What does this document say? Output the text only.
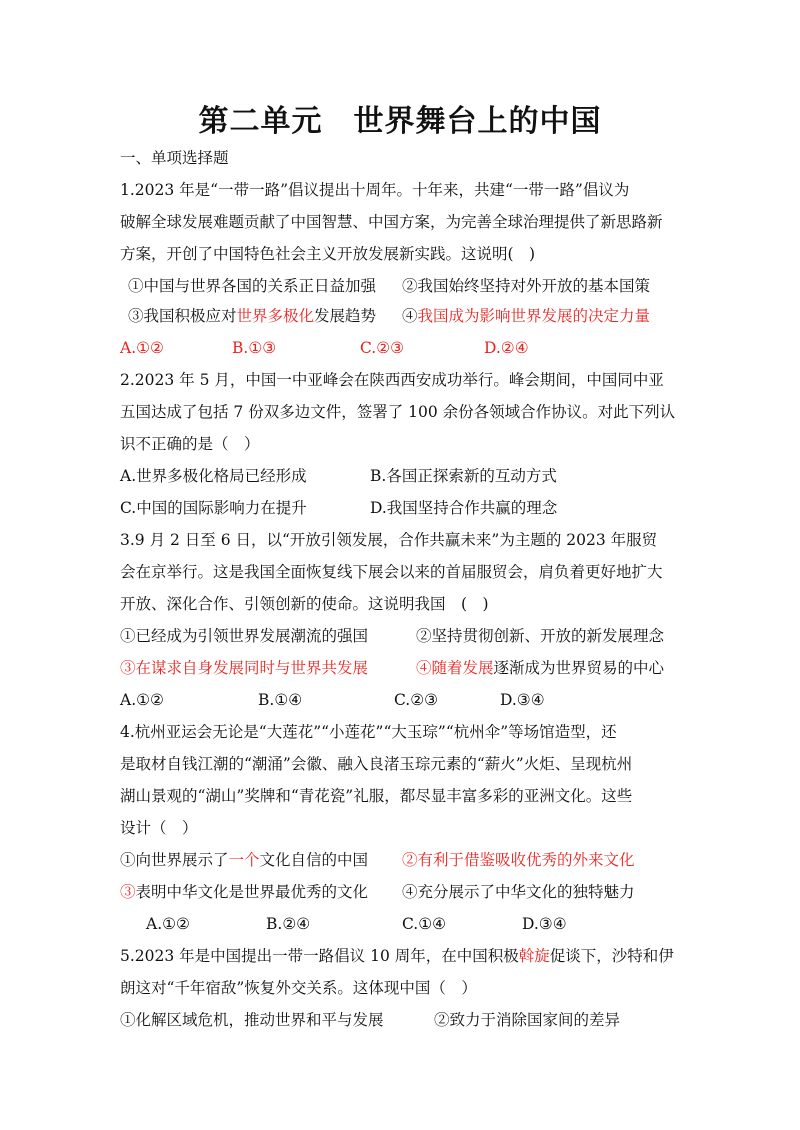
第二单元　世界舞台上的中国
一、单项选择题
1.2023 年是“一带一路”倡议提出十周年。十年来，共建“一带一路”倡议为
破解全球发展难题贡献了中国智慧、中国方案，为完善全球治理提供了新思路新
方案，开创了中国特色社会主义开放发展新实践。这说明(　)
①中国与世界各国的关系正日益加强 ②我国始终坚持对外开放的基本国策
③我国积极应对世界多极化发展趋势 ④我国成为影响世界发展的决定力量
A.①②	B.①③	C.②③	D.②④
2.2023 年 5 月，中国一中亚峰会在陕西西安成功举行。峰会期间，中国同中亚
五国达成了包括 7 份双多边文件，签署了 100 余份各领域合作协议。对此下列认
识不正确的是（　）
A.世界多极化格局已经形成	B.各国正探索新的互动方式
C.中国的国际影响力在提升	D.我国坚持合作共赢的理念
3.9 月 2 日至 6 日，以“开放引领发展，合作共赢未来”为主题的 2023 年服贸
会在京举行。这是我国全面恢复线下展会以来的首届服贸会，肩负着更好地扩大
开放、深化合作、引领创新的使命。这说明我国　(　)
①已经成为引领世界发展潮流的强国	②坚持贯彻创新、开放的新发展理念
③在谋求自身发展同时与世界共发展	④随着发展逐渐成为世界贸易的中心
A.①②	B.①④	C.②③	D.③④
4.杭州亚运会无论是“大莲花”“小莲花”“大玉琮”“杭州伞”等场馆造型，还
是取材自钱江潮的“潮涌”会徽、融入良渚玉琮元素的“薪火”火炬、呈现杭州
湖山景观的“湖山”奖牌和“青花瓷”礼服，都尽显丰富多彩的亚洲文化。这些
设计（　）
①向世界展示了一个文化自信的中国 ②有利于借鉴吸收优秀的外来文化
③表明中华文化是世界最优秀的文化 ④充分展示了中华文化的独特魅力
A.①②	B.②④	C.①④	D.③④
5.2023 年是中国提出一带一路倡议 10 周年，在中国积极斡旋促谈下，沙特和伊
朗这对“千年宿敌”恢复外交关系。这体现中国（　）
①化解区域危机，推动世界和平与发展	②致力于消除国家间的差异
